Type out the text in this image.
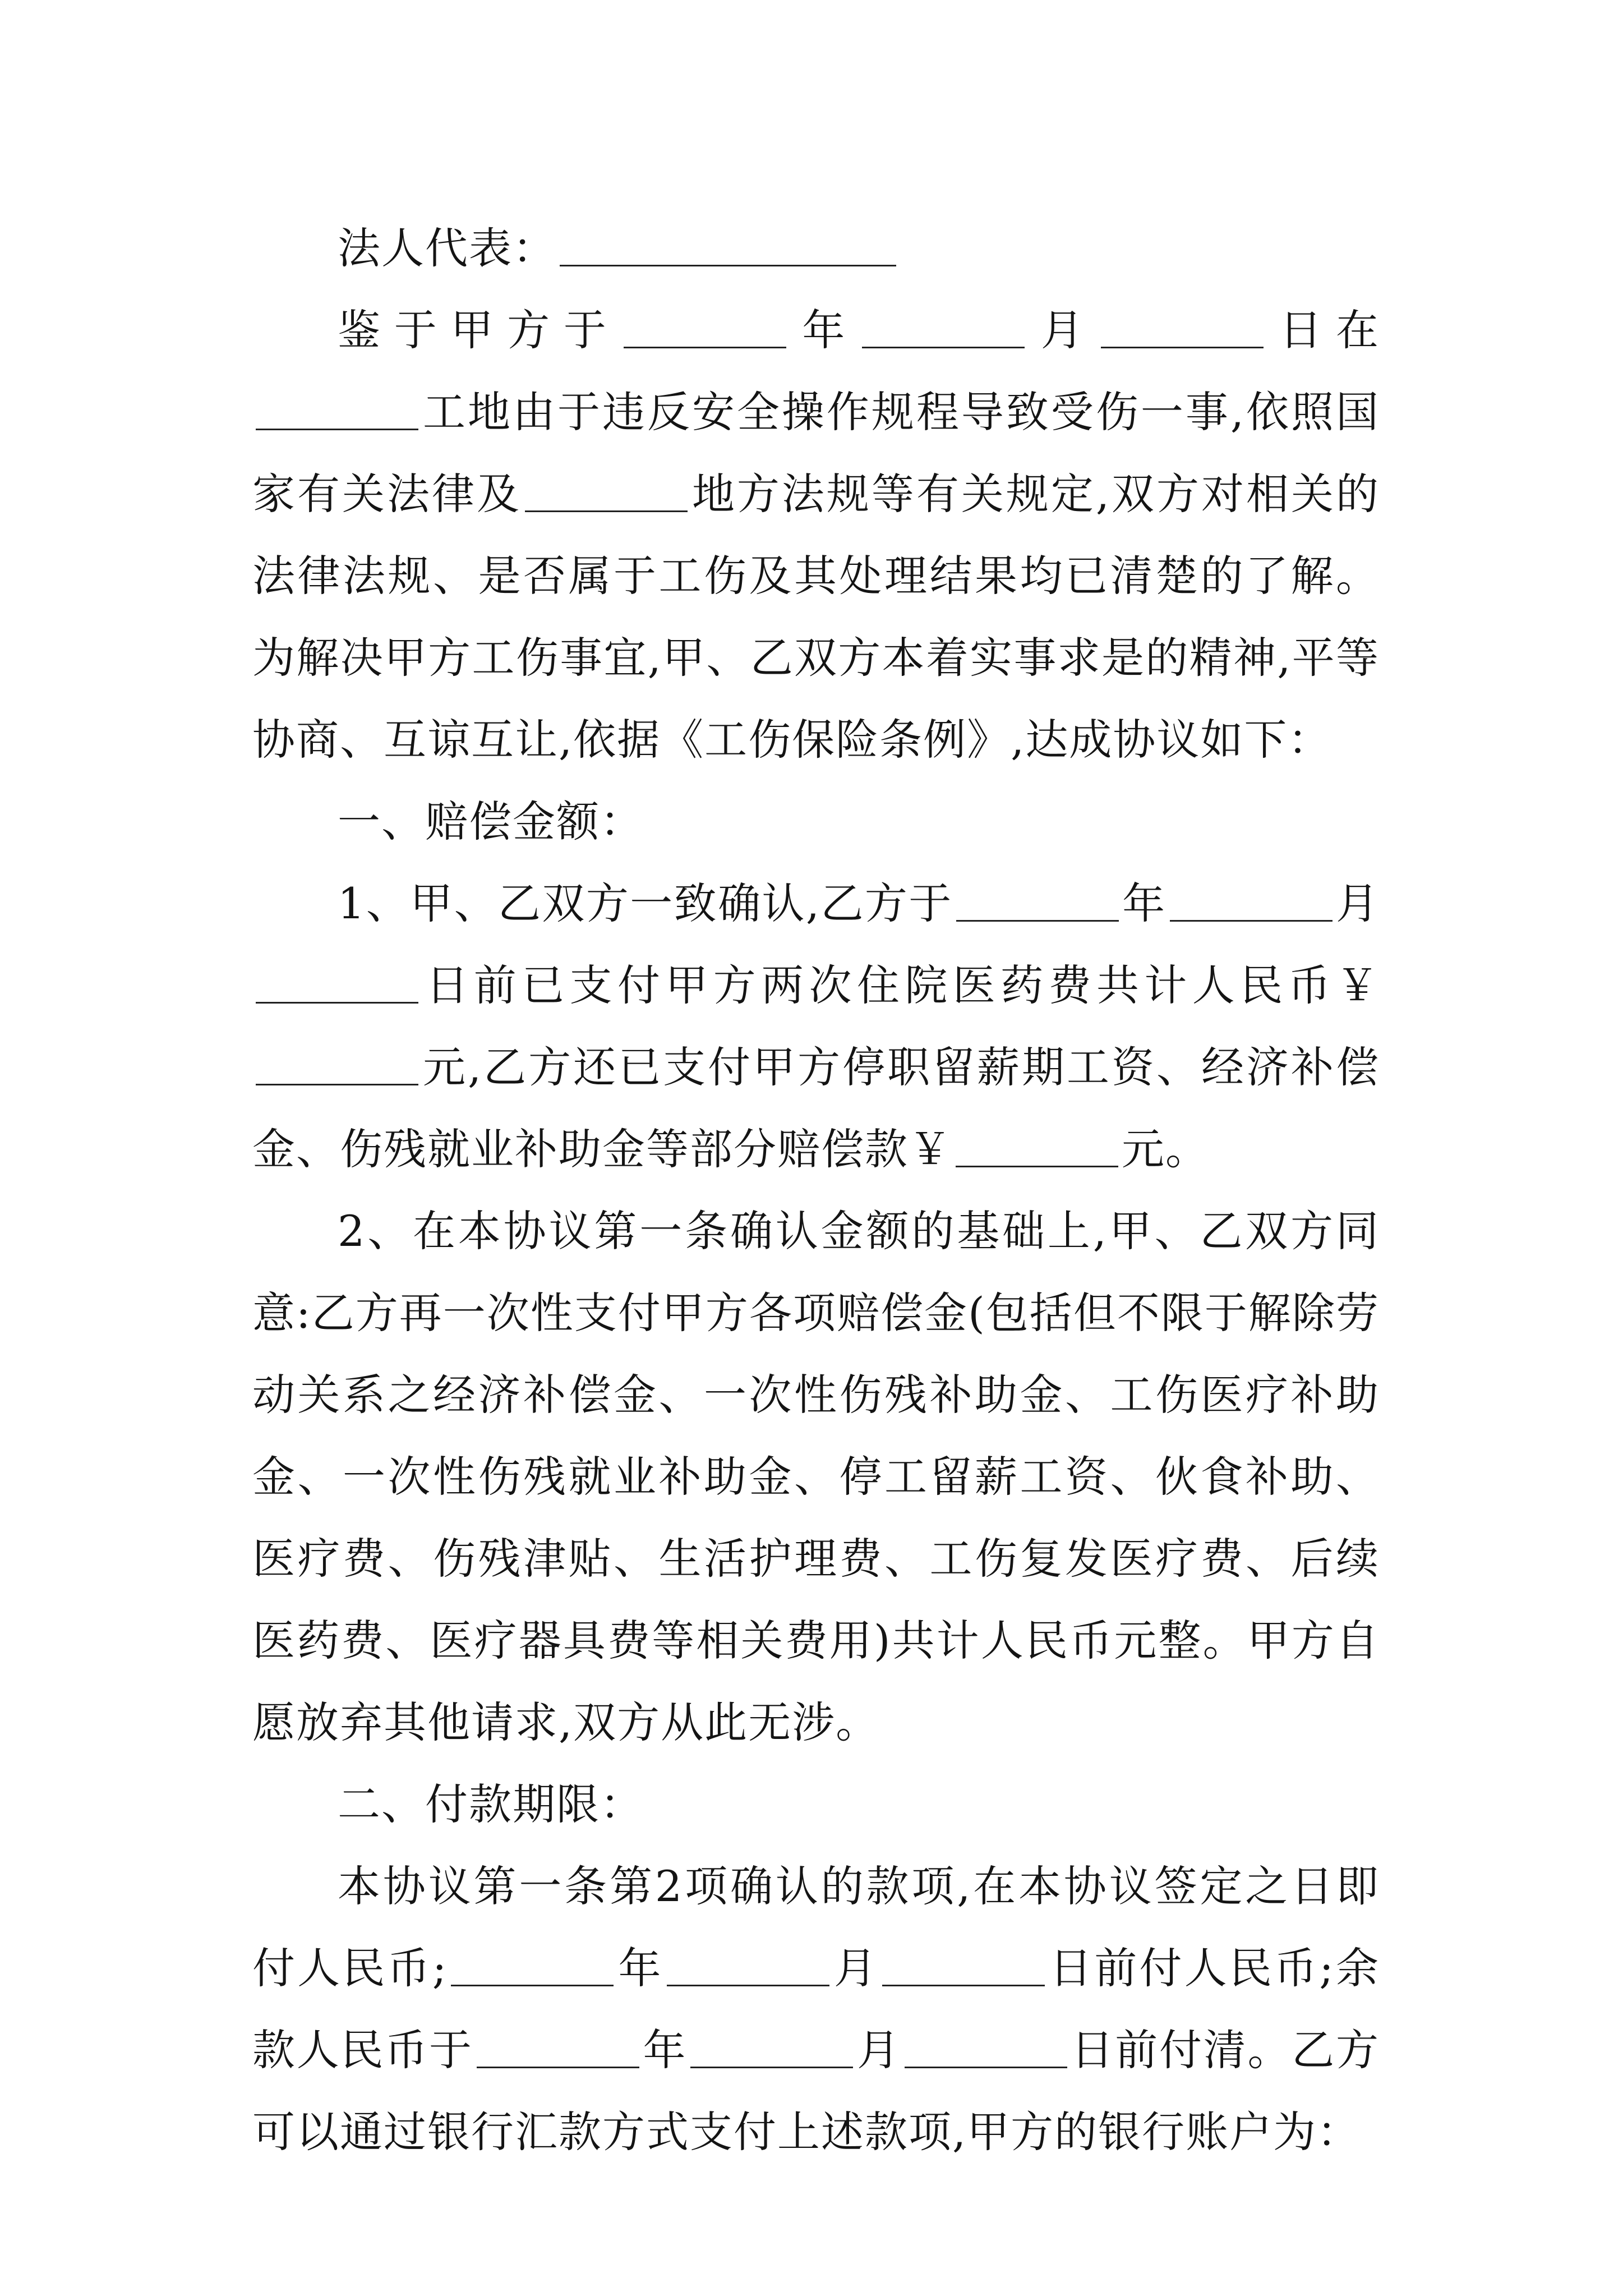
法人代表：

鉴于甲方于	年	月	日在工地由于违反安全操作规程导致受伤一事,依照国家有关法律及	地方法规等有关规定,双方对相关的法律法规、是否属于工伤及其处理结果均已清楚的了解。为解决甲方工伤事宜,甲、乙双方本着实事求是的精神,平等协商、互谅互让,依据《工伤保险条例》,达成协议如下：

一、赔偿金额：

1、甲、乙双方一致确认,乙方于	年	月日前已支付甲方两次住院医药费共计人民币￥元,乙方还已支付甲方停职留薪期工资、经济补偿金、伤残就业补助金等部分赔偿款￥	元。

2、在本协议第一条确认金额的基础上,甲、乙双方同意:乙方再一次性支付甲方各项赔偿金(包括但不限于解除劳动关系之经济补偿金、一次性伤残补助金、工伤医疗补助金、一次性伤残就业补助金、停工留薪工资、伙食补助、医疗费、伤残津贴、生活护理费、工伤复发医疗费、后续医药费、医疗器具费等相关费用)共计人民币元整。甲方自愿放弃其他请求,双方从此无涉。

二、付款期限：

本协议第一条第2项确认的款项,在本协议签定之日即付人民币;	年	月	日前付人民币;余款人民币于	年	月	日前付清。乙方可以通过银行汇款方式支付上述款项,甲方的银行账户为：
